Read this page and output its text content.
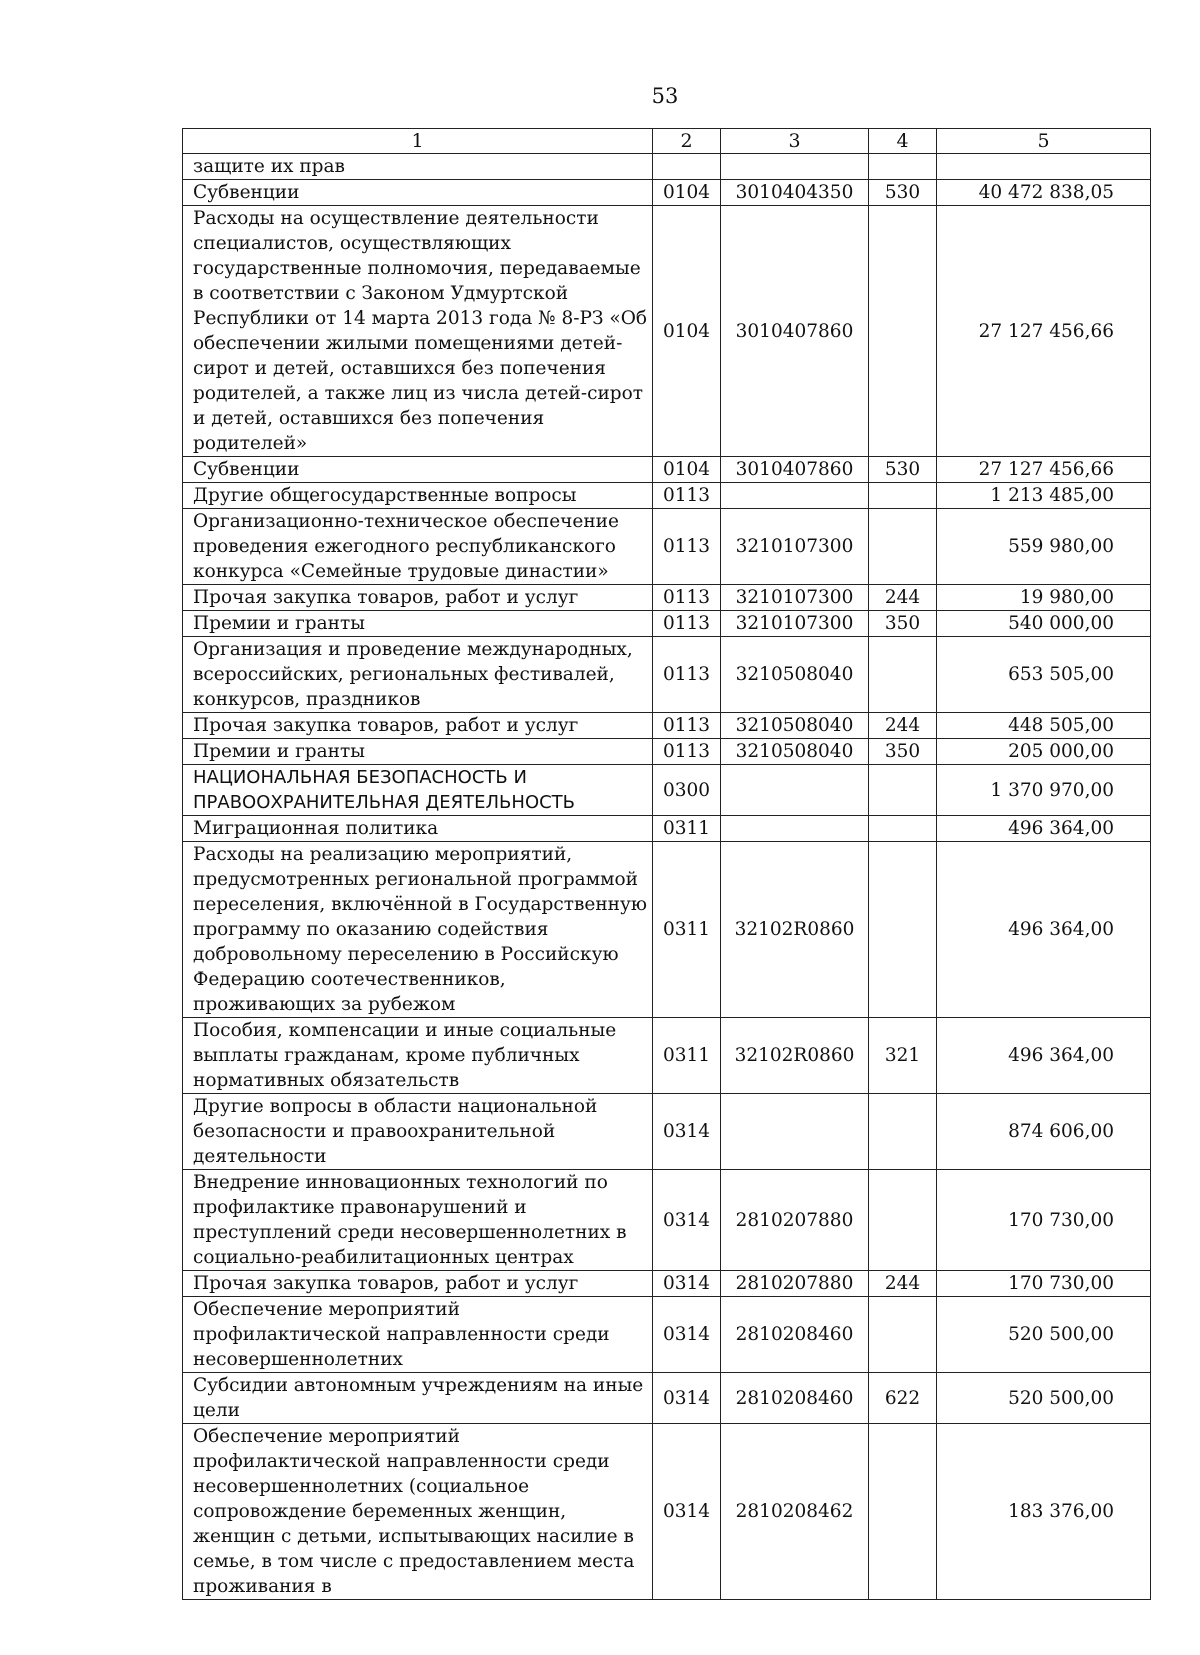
53
1	2	3	4	5
защите их прав				
Субвенции	0104	3010404350	530	40 472 838,05
Расходы на осуществление деятельности специалистов, осуществляющих государственные полномочия, передаваемые в соответствии с Законом Удмуртской Республики от 14 марта 2013 года № 8-РЗ «Об обеспечении жилыми помещениями детей-сирот и детей, оставшихся без попечения родителей, а также лиц из числа детей-сирот и детей, оставшихся без попечения родителей»	0104	3010407860		27 127 456,66
Субвенции	0104	3010407860	530	27 127 456,66
Другие общегосударственные вопросы	0113			1 213 485,00
Организационно-техническое обеспечение проведения ежегодного республиканского конкурса «Семейные трудовые династии»	0113	3210107300		559 980,00
Прочая закупка товаров, работ и услуг	0113	3210107300	244	19 980,00
Премии и гранты	0113	3210107300	350	540 000,00
Организация и проведение международных, всероссийских, региональных фестивалей, конкурсов, праздников	0113	3210508040		653 505,00
Прочая закупка товаров, работ и услуг	0113	3210508040	244	448 505,00
Премии и гранты	0113	3210508040	350	205 000,00
НАЦИОНАЛЬНАЯ БЕЗОПАСНОСТЬ И ПРАВООХРАНИТЕЛЬНАЯ ДЕЯТЕЛЬНОСТЬ	0300			1 370 970,00
Миграционная политика	0311			496 364,00
Расходы на реализацию мероприятий, предусмотренных региональной программой переселения, включённой в Государственную программу по оказанию содействия добровольному переселению в Российскую Федерацию соотечественников, проживающих за рубежом	0311	32102R0860		496 364,00
Пособия, компенсации и иные социальные выплаты гражданам, кроме публичных нормативных обязательств	0311	32102R0860	321	496 364,00
Другие вопросы в области национальной безопасности и правоохранительной деятельности	0314			874 606,00
Внедрение инновационных технологий по профилактике правонарушений и преступлений среди несовершеннолетних в социально-реабилитационных центрах	0314	2810207880		170 730,00
Прочая закупка товаров, работ и услуг	0314	2810207880	244	170 730,00
Обеспечение мероприятий профилактической направленности среди несовершеннолетних	0314	2810208460		520 500,00
Субсидии автономным учреждениям на иные цели	0314	2810208460	622	520 500,00
Обеспечение мероприятий профилактической направленности среди несовершеннолетних (социальное сопровождение беременных женщин, женщин с детьми, испытывающих насилие в семье, в том числе с предоставлением места проживания в	0314	2810208462		183 376,00
